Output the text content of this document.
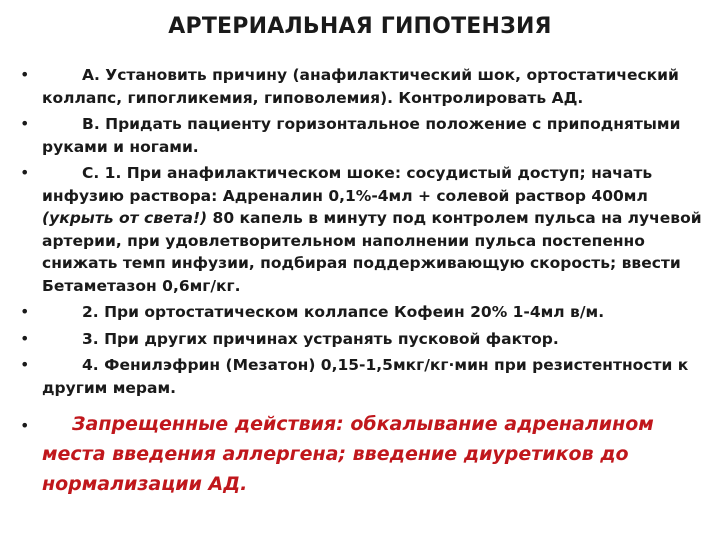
АРТЕРИАЛЬНАЯ ГИПОТЕНЗИЯ
•	А. Установить причину (анафилактический шок, ортостатический коллапс, гипогликемия, гиповолемия). Контролировать АД.
•	В. Придать пациенту горизонтальное положение с приподнятыми руками и ногами.
•	С. 1. При анафилактическом шоке: сосудистый доступ; начать инфузию раствора: Адреналин 0,1%-4мл + солевой раствор 400мл (укрыть от света!) 80 капель в минуту под контролем пульса на лучевой артерии, при удовлетворительном наполнении пульса постепенно снижать темп инфузии, подбирая поддерживающую скорость; ввести Бетаметазон 0,6мг/кг.
•	2. При ортостатическом коллапсе Кофеин 20% 1-4мл в/м.
•	3. При других причинах устранять пусковой фактор.
•	4. Фенилэфрин (Мезатон) 0,15-1,5мкг/кг·мин при резистентности к другим мерам.
•	Запрещенные действия: обкалывание адреналином места введения аллергена; введение диуретиков до нормализации АД.
